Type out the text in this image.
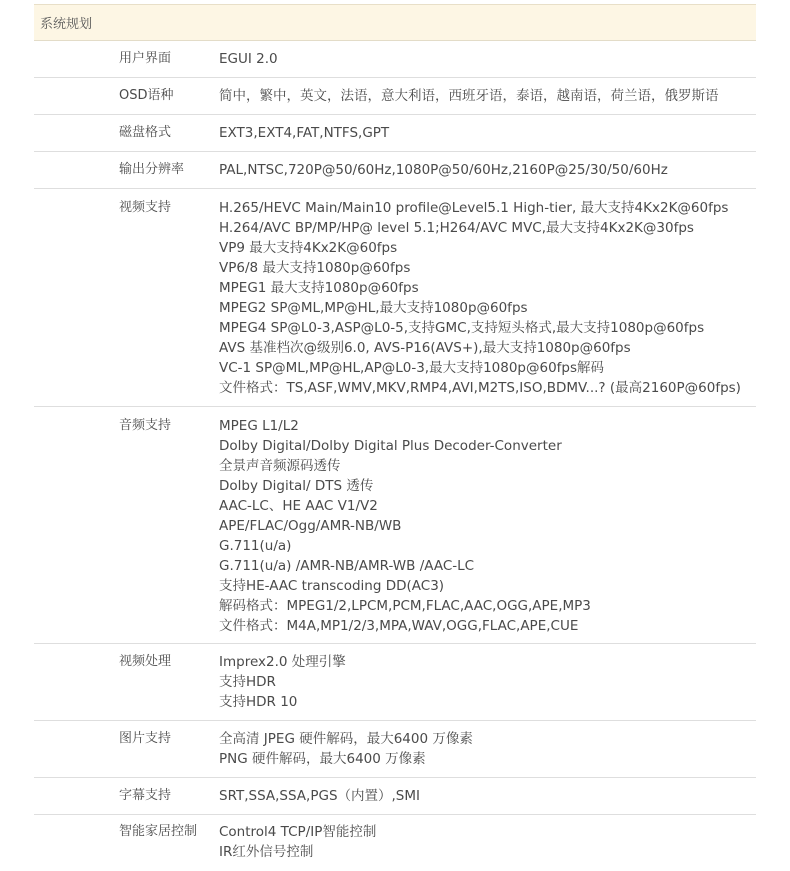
系统规划
用户界面	EGUI 2.0
OSD语种	简中，繁中，英文，法语，意大利语，西班牙语，泰语，越南语，荷兰语，俄罗斯语
磁盘格式	EXT3,EXT4,FAT,NTFS,GPT
输出分辨率	PAL,NTSC,720P@50/60Hz,1080P@50/60Hz,2160P@25/30/50/60Hz
视频支持	H.265/HEVC Main/Main10 profile@Level5.1 High-tier, 最大支持4Kx2K@60fps
H.264/AVC BP/MP/HP@ level 5.1;H264/AVC MVC,最大支持4Kx2K@30fps
VP9 最大支持4Kx2K@60fps
VP6/8 最大支持1080p@60fps
MPEG1 最大支持1080p@60fps
MPEG2 SP@ML,MP@HL,最大支持1080p@60fps
MPEG4 SP@L0-3,ASP@L0-5,支持GMC,支持短头格式,最大支持1080p@60fps
AVS 基准档次@级别6.0, AVS-P16(AVS+),最大支持1080p@60fps
VC-1 SP@ML,MP@HL,AP@L0-3,最大支持1080p@60fps解码
文件格式：TS,ASF,WMV,MKV,RMP4,AVI,M2TS,ISO,BDMV...? (最高2160P@60fps)
音频支持	MPEG L1/L2
Dolby Digital/Dolby Digital Plus Decoder-Converter
全景声音频源码透传
Dolby Digital/ DTS 透传
AAC-LC、HE AAC V1/V2
APE/FLAC/Ogg/AMR-NB/WB
G.711(u/a)
G.711(u/a) /AMR-NB/AMR-WB /AAC-LC
支持HE-AAC transcoding DD(AC3)
解码格式：MPEG1/2,LPCM,PCM,FLAC,AAC,OGG,APE,MP3
文件格式：M4A,MP1/2/3,MPA,WAV,OGG,FLAC,APE,CUE
视频处理	Imprex2.0 处理引擎
支持HDR
支持HDR 10
图片支持	全高清 JPEG 硬件解码，最大6400 万像素
PNG 硬件解码，最大6400 万像素
字幕支持	SRT,SSA,SSA,PGS（内置）,SMI
智能家居控制	Control4 TCP/IP智能控制
IR红外信号控制
